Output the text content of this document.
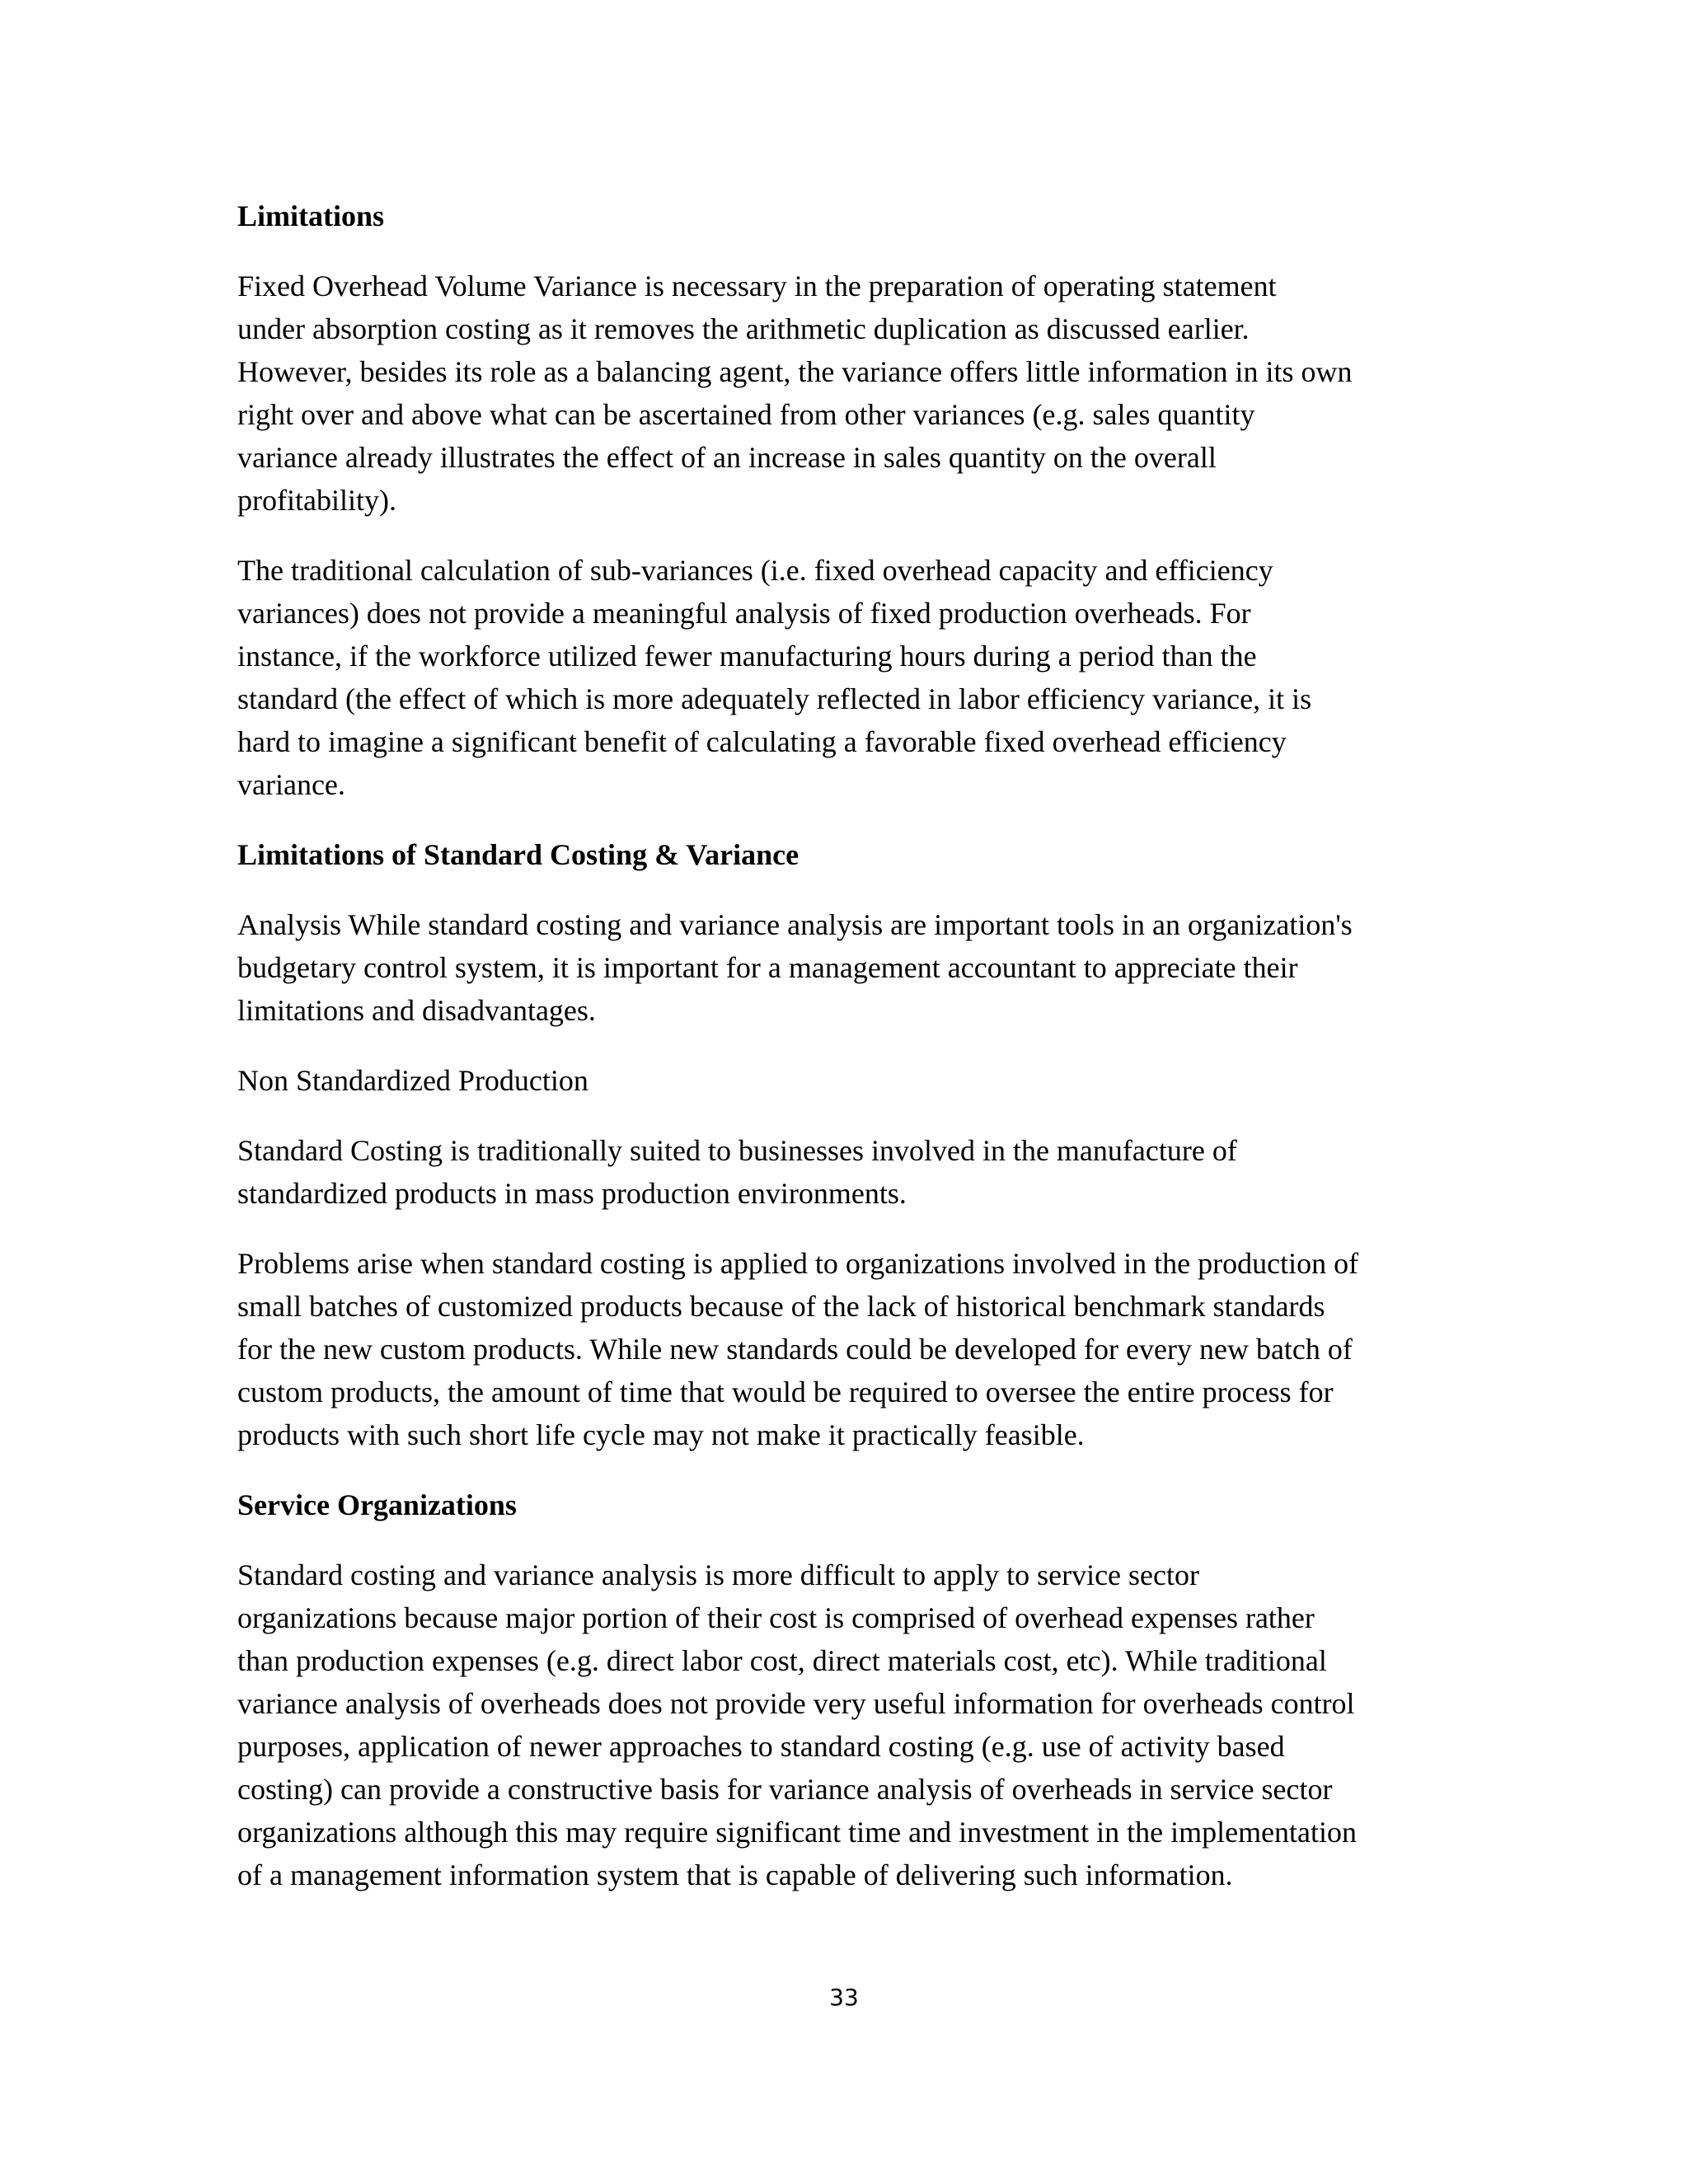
Limitations

Fixed Overhead Volume Variance is necessary in the preparation of operating statement

under absorption costing as it removes the arithmetic duplication as discussed earlier.

However, besides its role as a balancing agent, the variance offers little information in its own

right over and above what can be ascertained from other variances (e.g. sales quantity

variance already illustrates the effect of an increase in sales quantity on the overall

profitability).

The traditional calculation of sub-variances (i.e. fixed overhead capacity and efficiency

variances) does not provide a meaningful analysis of fixed production overheads. For

instance, if the workforce utilized fewer manufacturing hours during a period than the

standard (the effect of which is more adequately reflected in labor efficiency variance, it is

hard to imagine a significant benefit of calculating a favorable fixed overhead efficiency

variance.

Limitations of Standard Costing & Variance

Analysis While standard costing and variance analysis are important tools in an organization's

budgetary control system, it is important for a management accountant to appreciate their

limitations and disadvantages.

Non Standardized Production

Standard Costing is traditionally suited to businesses involved in the manufacture of

standardized products in mass production environments.

Problems arise when standard costing is applied to organizations involved in the production of

small batches of customized products because of the lack of historical benchmark standards

for the new custom products. While new standards could be developed for every new batch of

custom products, the amount of time that would be required to oversee the entire process for

products with such short life cycle may not make it practically feasible.

Service Organizations

Standard costing and variance analysis is more difficult to apply to service sector

organizations because major portion of their cost is comprised of overhead expenses rather

than production expenses (e.g. direct labor cost, direct materials cost, etc). While traditional

variance analysis of overheads does not provide very useful information for overheads control

purposes, application of newer approaches to standard costing (e.g. use of activity based

costing) can provide a constructive basis for variance analysis of overheads in service sector

organizations although this may require significant time and investment in the implementation

of a management information system that is capable of delivering such information.

33
